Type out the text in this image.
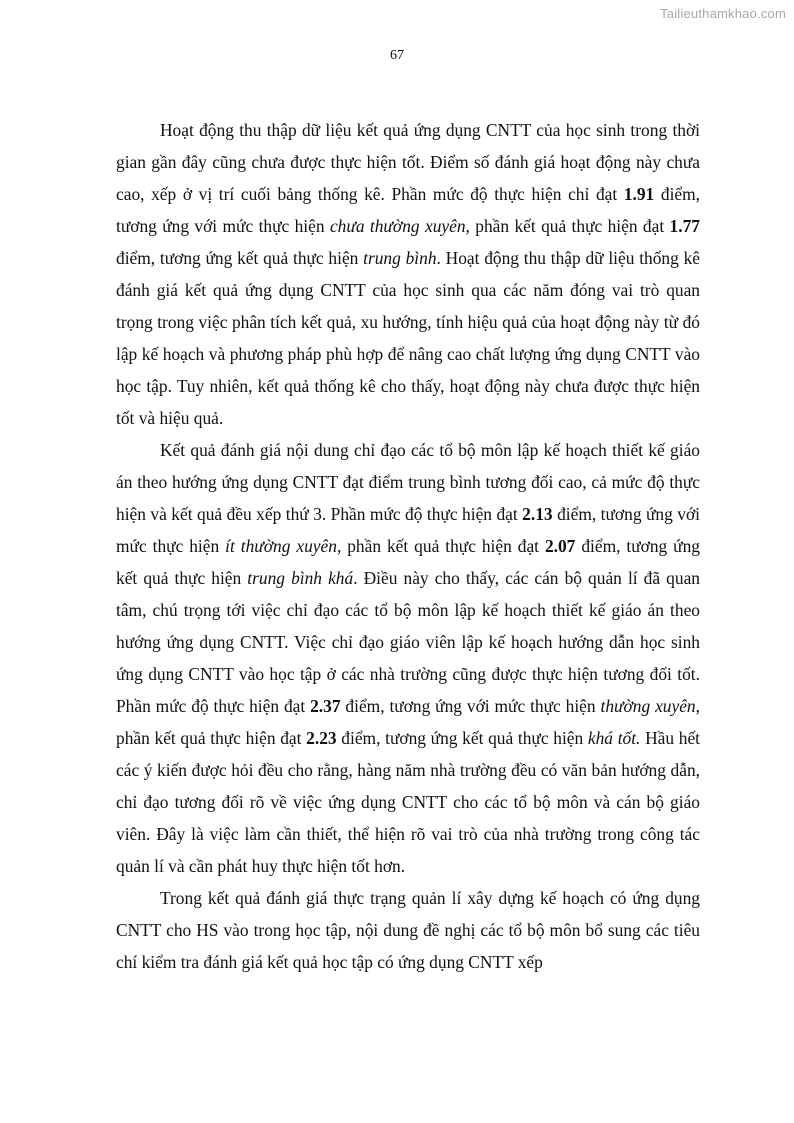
Tailieuthamkhao.com
67

Hoạt động thu thập dữ liệu kết quả ứng dụng CNTT của học sinh trong thời gian gần đây cũng chưa được thực hiện tốt. Điểm số đánh giá hoạt động này chưa cao, xếp ở vị trí cuối bảng thống kê. Phần mức độ thực hiện chỉ đạt 1.91 điểm, tương ứng với mức thực hiện chưa thường xuyên, phần kết quả thực hiện đạt 1.77 điểm, tương ứng kết quả thực hiện trung bình. Hoạt động thu thập dữ liệu thống kê đánh giá kết quả ứng dụng CNTT của học sinh qua các năm đóng vai trò quan trọng trong việc phân tích kết quả, xu hướng, tính hiệu quả của hoạt động này từ đó lập kế hoạch và phương pháp phù hợp để nâng cao chất lượng ứng dụng CNTT vào học tập. Tuy nhiên, kết quả thống kê cho thấy, hoạt động này chưa được thực hiện tốt và hiệu quả.

Kết quả đánh giá nội dung chỉ đạo các tổ bộ môn lập kế hoạch thiết kế giáo án theo hướng ứng dụng CNTT đạt điểm trung bình tương đối cao, cả mức độ thực hiện và kết quả đều xếp thứ 3. Phần mức độ thực hiện đạt 2.13 điểm, tương ứng với mức thực hiện ít thường xuyên, phần kết quả thực hiện đạt 2.07 điểm, tương ứng kết quả thực hiện trung bình khá. Điều này cho thấy, các cán bộ quản lí đã quan tâm, chú trọng tới việc chỉ đạo các tổ bộ môn lập kế hoạch thiết kế giáo án theo hướng ứng dụng CNTT. Việc chỉ đạo giáo viên lập kế hoạch hướng dẫn học sinh ứng dụng CNTT vào học tập ở các nhà trường cũng được thực hiện tương đối tốt. Phần mức độ thực hiện đạt 2.37 điểm, tương ứng với mức thực hiện thường xuyên, phần kết quả thực hiện đạt 2.23 điểm, tương ứng kết quả thực hiện khá tốt. Hầu hết các ý kiến được hỏi đều cho rằng, hàng năm nhà trường đều có văn bản hướng dẫn, chỉ đạo tương đối rõ về việc ứng dụng CNTT cho các tổ bộ môn và cán bộ giáo viên. Đây là việc làm cần thiết, thể hiện rõ vai trò của nhà trường trong công tác quản lí và cần phát huy thực hiện tốt hơn.

Trong kết quả đánh giá thực trạng quản lí xây dựng kế hoạch có ứng dụng CNTT cho HS vào trong học tập, nội dung đề nghị các tổ bộ môn bổ sung các tiêu chí kiểm tra đánh giá kết quả học tập có ứng dụng CNTT xếp
